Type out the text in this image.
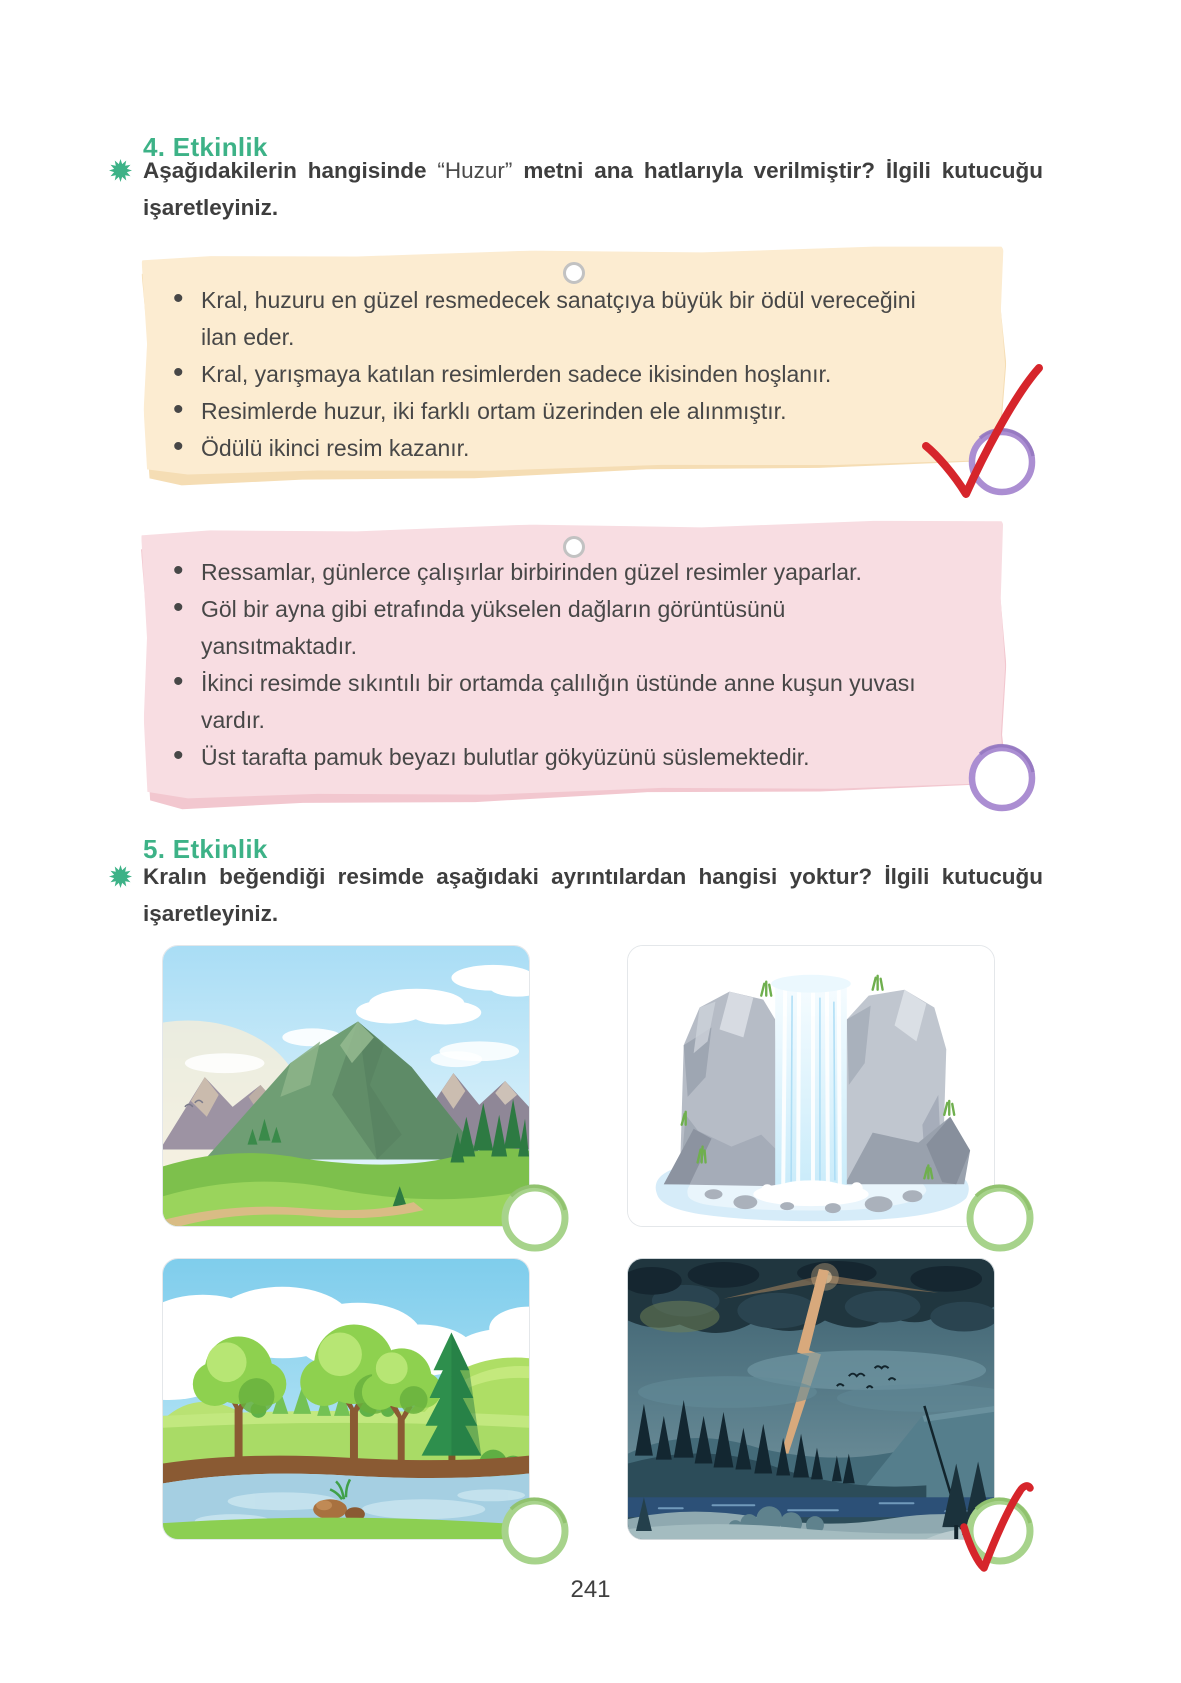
4. Etkinlik
Aşağıdakilerin hangisinde “Huzur” metni ana hatlarıyla verilmiştir? İlgili kutucuğu işaretleyiniz.
• Kral, huzuru en güzel resmedecek sanatçıya büyük bir ödül vereceğini ilan eder.
• Kral, yarışmaya katılan resimlerden sadece ikisinden hoşlanır.
• Resimlerde huzur, iki farklı ortam üzerinden ele alınmıştır.
• Ödülü ikinci resim kazanır.
• Ressamlar, günlerce çalışırlar birbirinden güzel resimler yaparlar.
• Göl bir ayna gibi etrafında yükselen dağların görüntüsünü yansıtmaktadır.
• İkinci resimde sıkıntılı bir ortamda çalılığın üstünde anne kuşun yuvası vardır.
• Üst tarafta pamuk beyazı bulutlar gökyüzünü süslemektedir.
5. Etkinlik
Kralın beğendiği resimde aşağıdaki ayrıntılardan hangisi yoktur? İlgili kutucuğu işaretleyiniz.
241
